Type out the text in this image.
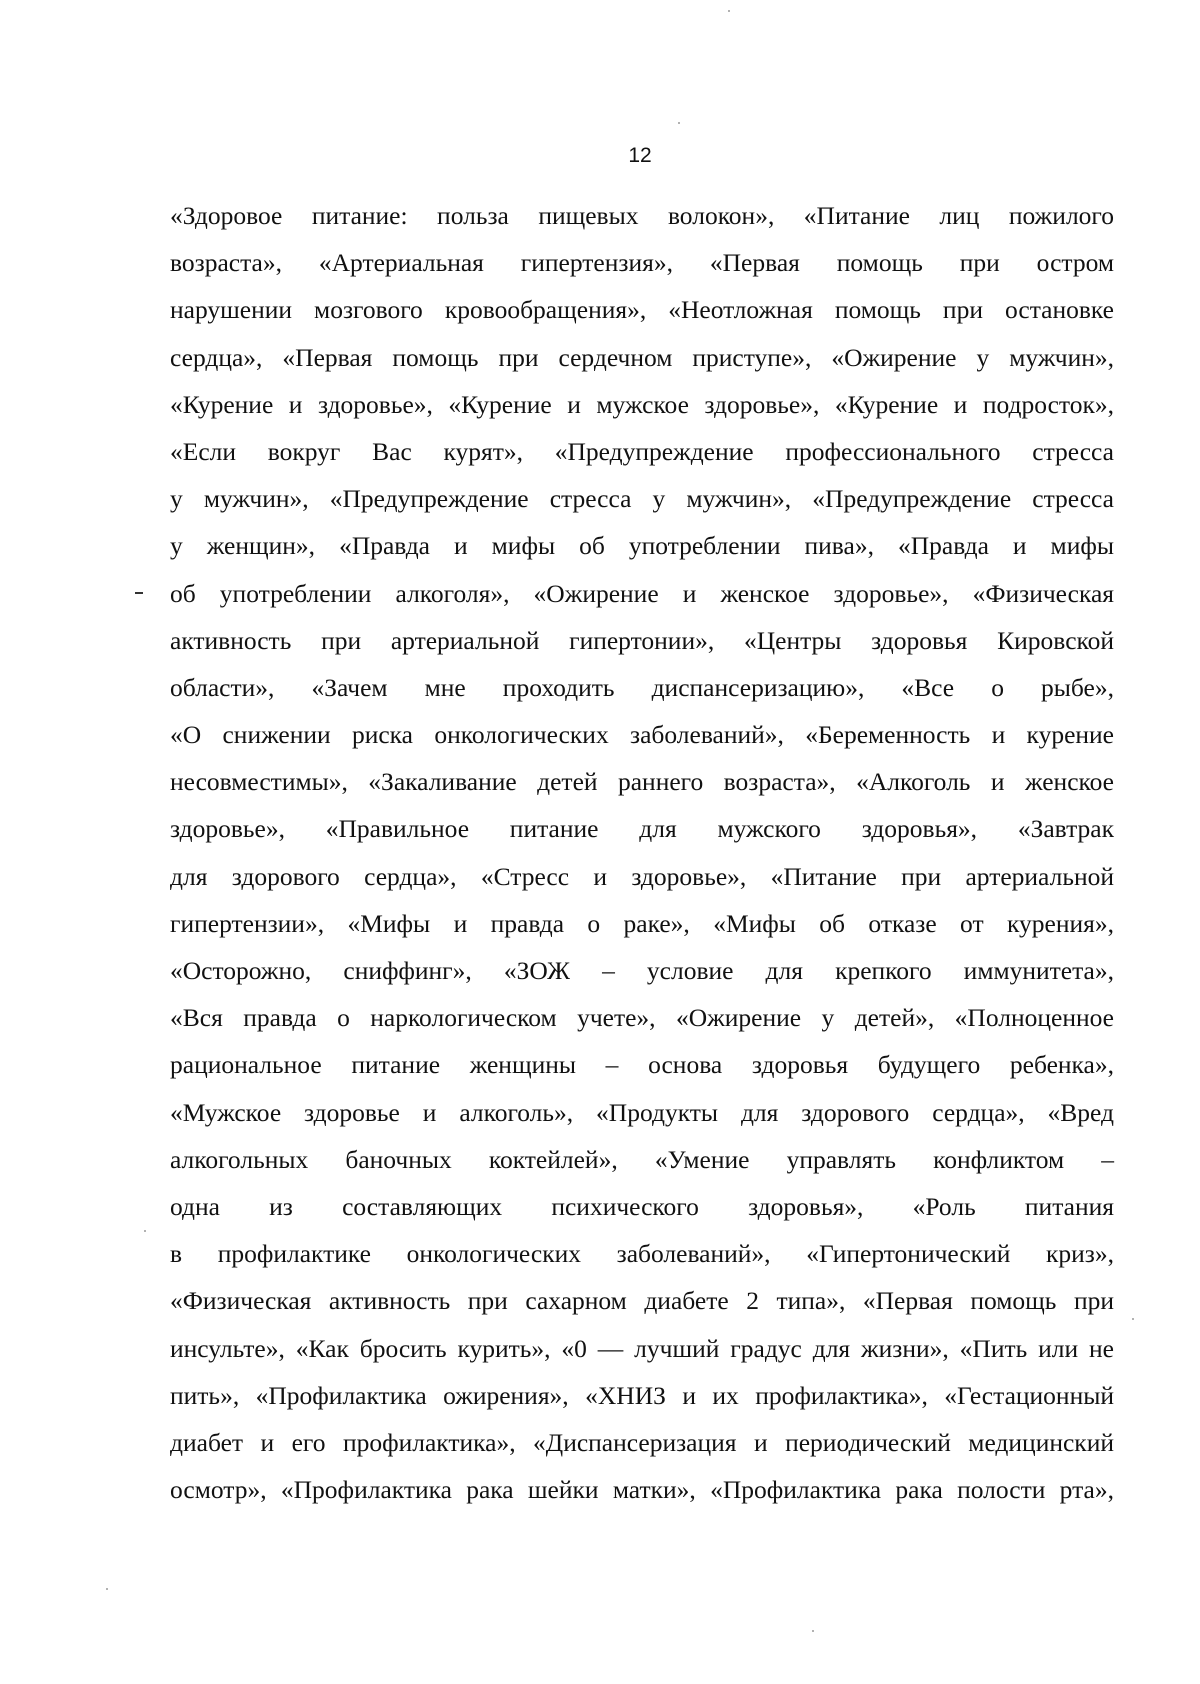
12
«Здоровое питание: польза пищевых волокон», «Питание лиц пожилого
возраста», «Артериальная гипертензия», «Первая помощь при остром
нарушении мозгового кровообращения», «Неотложная помощь при остановке
сердца», «Первая помощь при сердечном приступе», «Ожирение у мужчин»,
«Курение и здоровье», «Курение и мужское здоровье», «Курение и подросток»,
«Если вокруг Вас курят», «Предупреждение профессионального стресса
у мужчин», «Предупреждение стресса у мужчин», «Предупреждение стресса
у женщин», «Правда и мифы об употреблении пива», «Правда и мифы
об употреблении алкоголя», «Ожирение и женское здоровье», «Физическая
активность при артериальной гипертонии», «Центры здоровья Кировской
области», «Зачем мне проходить диспансеризацию», «Все о рыбе»,
«О снижении риска онкологических заболеваний», «Беременность и курение
несовместимы», «Закаливание детей раннего возраста», «Алкоголь и женское
здоровье», «Правильное питание для мужского здоровья», «Завтрак
для здорового сердца», «Стресс и здоровье», «Питание при артериальной
гипертензии», «Мифы и правда о раке», «Мифы об отказе от курения»,
«Осторожно, сниффинг», «ЗОЖ – условие для крепкого иммунитета»,
«Вся правда о наркологическом учете», «Ожирение у детей», «Полноценное
рациональное питание женщины – основа здоровья будущего ребенка»,
«Мужское здоровье и алкоголь», «Продукты для здорового сердца», «Вред
алкогольных баночных коктейлей», «Умение управлять конфликтом –
одна из составляющих психического здоровья», «Роль питания
в профилактике онкологических заболеваний», «Гипертонический криз»,
«Физическая активность при сахарном диабете 2 типа», «Первая помощь при
инсульте», «Как бросить курить», «0 — лучший градус для жизни», «Пить или не
пить», «Профилактика ожирения», «ХНИЗ и их профилактика», «Гестационный
диабет и его профилактика», «Диспансеризация и периодический медицинский
осмотр», «Профилактика рака шейки матки», «Профилактика рака полости рта»,
